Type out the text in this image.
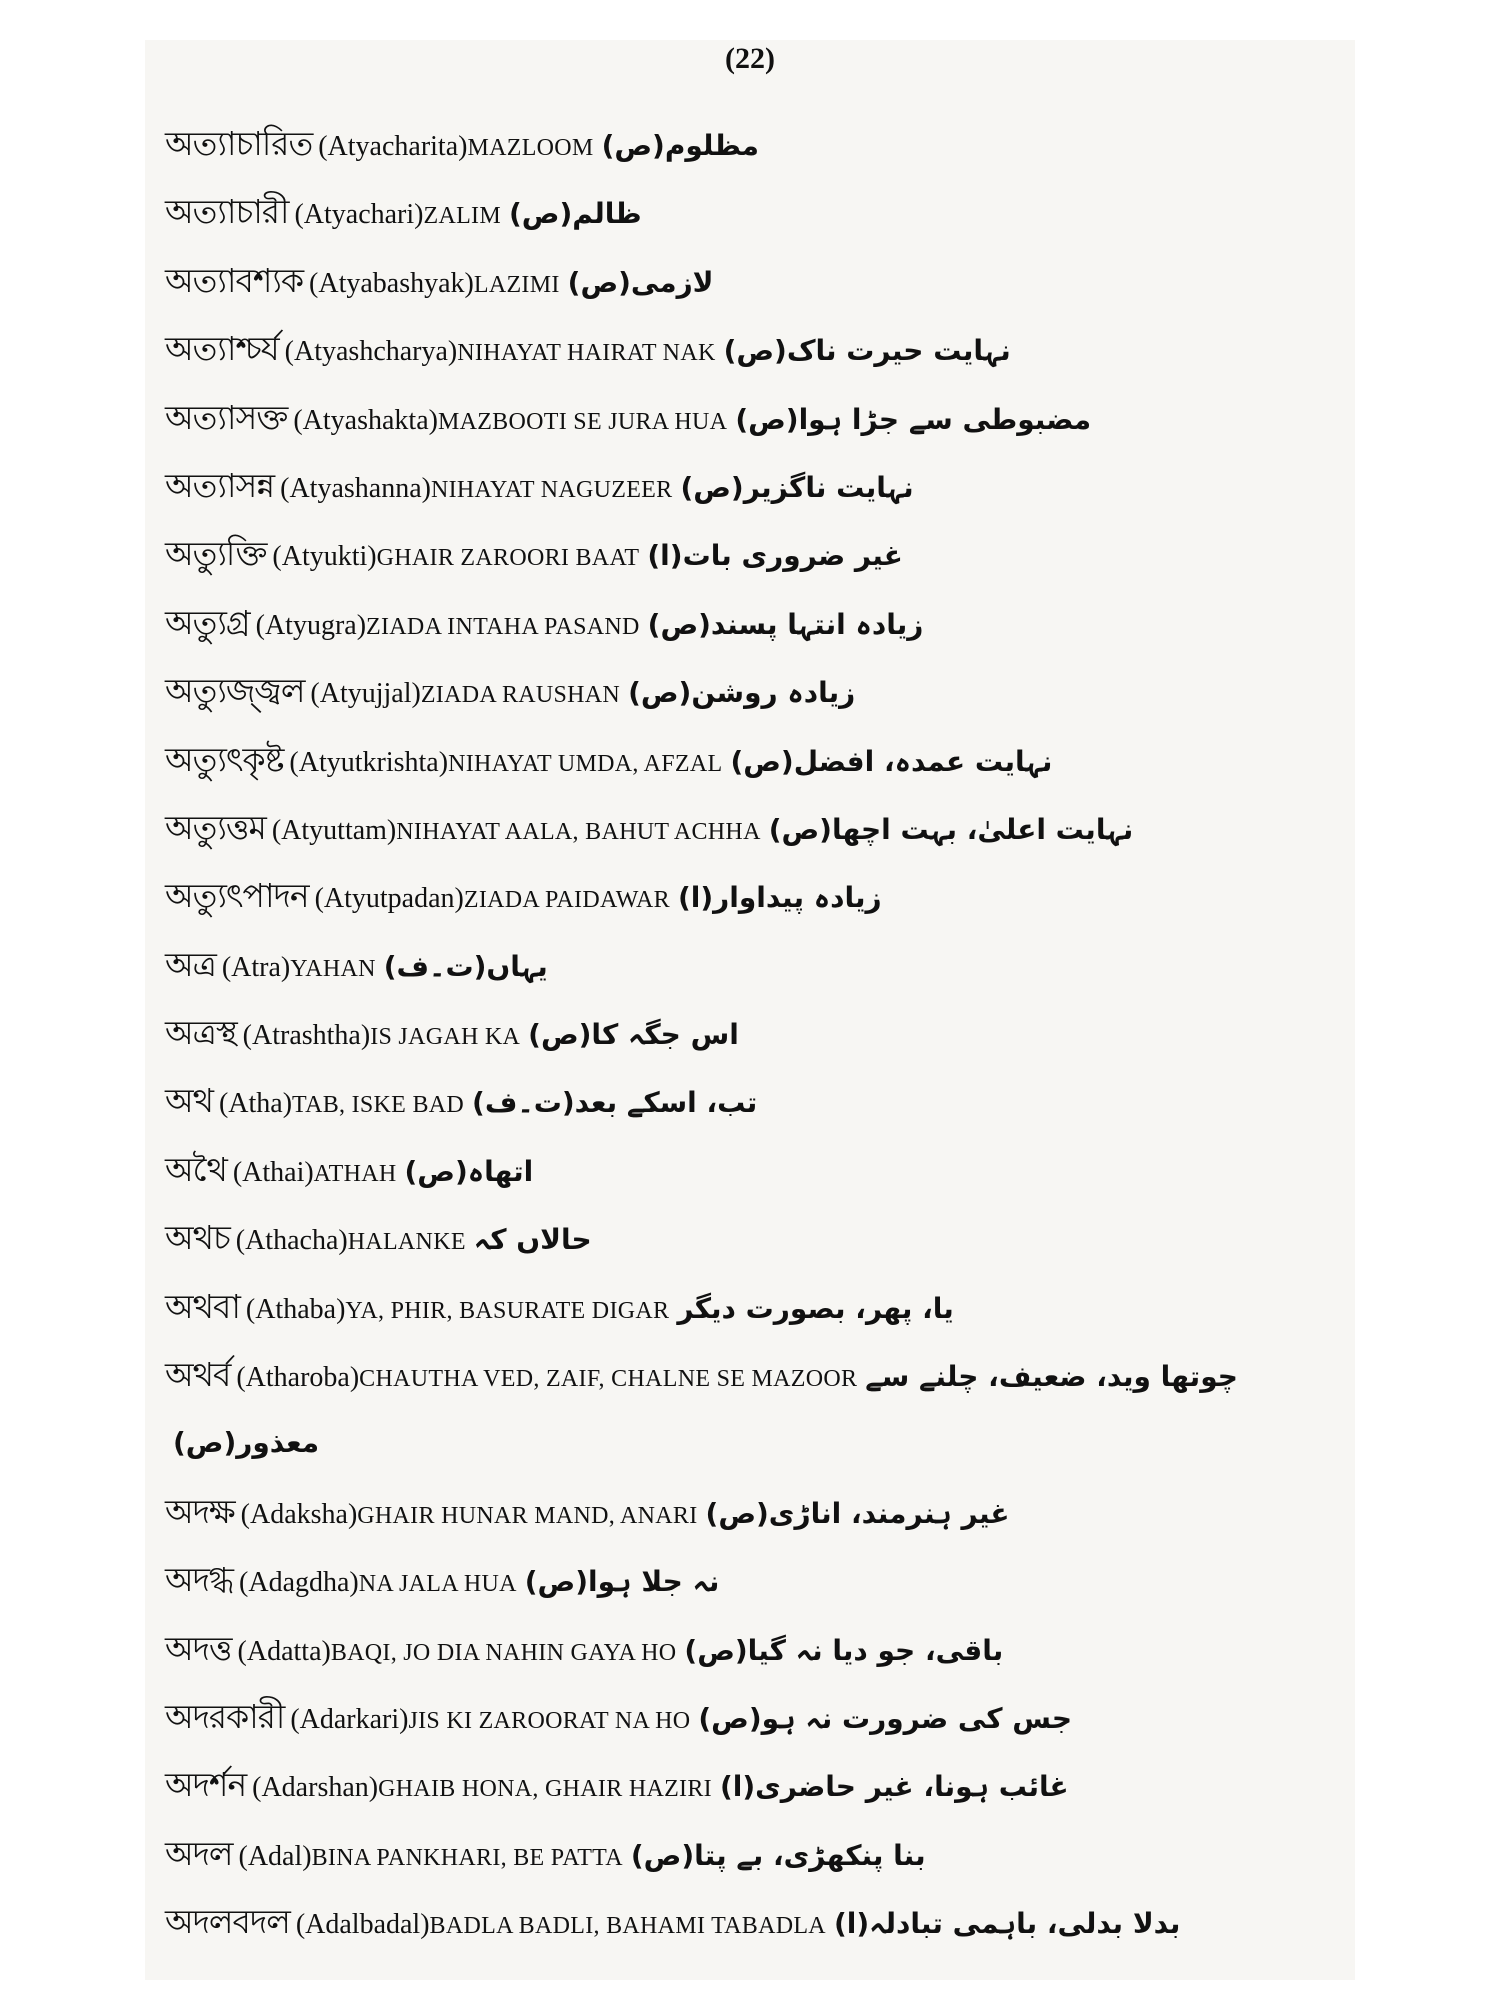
(22)
অত্যাচারিত (Atyacharita)MAZLOOM مظلوم(ص)
অত্যাচারী (Atyachari)ZALIM ظالم(ص)
অত্যাবশ্যক (Atyabashyak)LAZIMI لازمی(ص)
অত্যাশ্চর্য (Atyashcharya)NIHAYAT HAIRAT NAK نہایت حیرت ناک(ص)
অত্যাসক্ত (Atyashakta)MAZBOOTI SE JURA HUA مضبوطی سے جڑا ہوا(ص)
অত্যাসন্ন (Atyashanna)NIHAYAT NAGUZEER نہایت ناگزیر(ص)
অত্যুক্তি (Atyukti)GHAIR ZAROORI BAAT غیر ضروری بات(ا)
অত্যুগ্র (Atyugra)ZIADA INTAHA PASAND زیادہ انتہا پسند(ص)
অত্যুজ্জ্বল (Atyujjal)ZIADA RAUSHAN زیادہ روشن(ص)
অত্যুৎকৃষ্ট (Atyutkrishta)NIHAYAT UMDA, AFZAL نہایت عمدہ، افضل(ص)
অত্যুত্তম (Atyuttam)NIHAYAT AALA, BAHUT ACHHA نہایت اعلیٰ، بہت اچھا(ص)
অত্যুৎপাদন (Atyutpadan)ZIADA PAIDAWAR زیادہ پیداوار(ا)
অত্র (Atra)YAHAN یہاں(ت۔ف)
অত্রস্থ (Atrashtha)IS JAGAH KA اس جگہ کا(ص)
অথ (Atha)TAB, ISKE BAD تب، اسکے بعد(ت۔ف)
অথৈ (Athai)ATHAH اتھاہ(ص)
অথচ (Athacha)HALANKE حالاں کہ
অথবা (Athaba)YA, PHIR, BASURATE DIGAR یا، پھر، بصورت دیگر
অথর্ব (Atharoba)CHAUTHA VED, ZAIF, CHALNE SE MAZOOR چوتھا وید، ضعیف، چلنے سے
معذور(ص)
অদক্ষ (Adaksha)GHAIR HUNAR MAND, ANARI غیر ہنرمند، اناڑی(ص)
অদগ্ধ (Adagdha)NA JALA HUA نہ جلا ہوا(ص)
অদত্ত (Adatta)BAQI, JO DIA NAHIN GAYA HO باقی، جو دیا نہ گیا(ص)
অদরকারী (Adarkari)JIS KI ZAROORAT NA HO جس کی ضرورت نہ ہو(ص)
অদর্শন (Adarshan)GHAIB HONA, GHAIR HAZIRI غائب ہونا، غیر حاضری(ا)
অদল (Adal)BINA PANKHARI, BE PATTA بنا پنکھڑی، بے پتا(ص)
অদলবদল (Adalbadal)BADLA BADLI, BAHAMI TABADLA بدلا بدلی، باہمی تبادلہ(ا)
